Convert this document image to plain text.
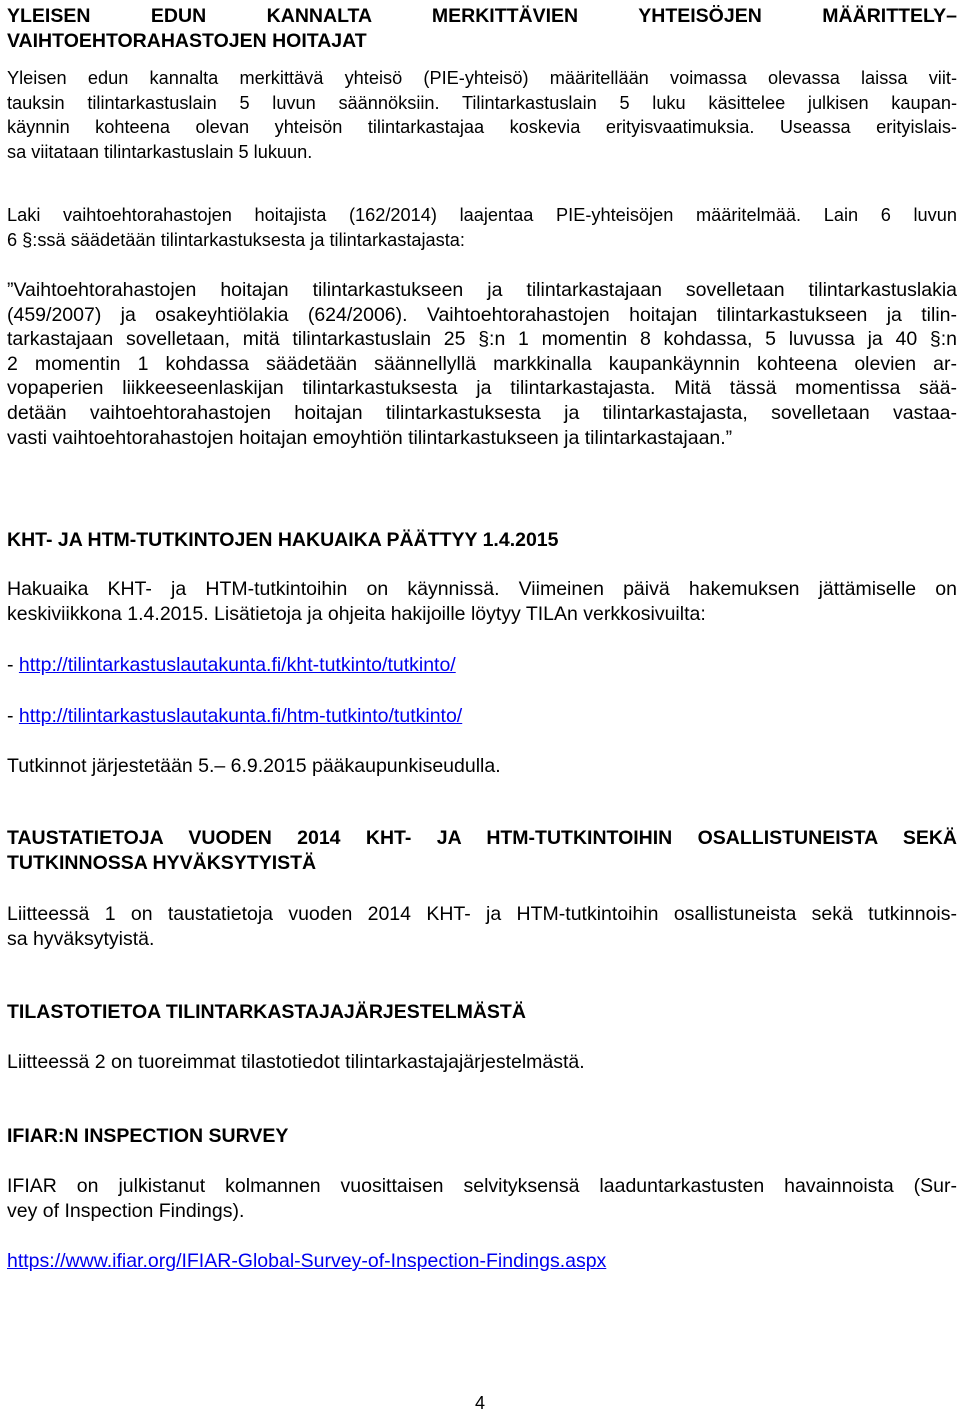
YLEISEN EDUN KANNALTA MERKITTÄVIEN YHTEISÖJEN MÄÄRITTELY–
VAIHTOEHTORAHASTOJEN HOITAJAT
Yleisen edun kannalta merkittävä yhteisö (PIE-yhteisö) määritellään voimassa olevassa laissa viit-
tauksin tilintarkastuslain 5 luvun säännöksiin. Tilintarkastuslain 5 luku käsittelee julkisen kaupan-
käynnin kohteena olevan yhteisön tilintarkastajaa koskevia erityisvaatimuksia. Useassa erityislais-
sa viitataan tilintarkastuslain 5 lukuun.
Laki vaihtoehtorahastojen hoitajista (162/2014) laajentaa PIE-yhteisöjen määritelmää. Lain 6 luvun
6 §:ssä säädetään tilintarkastuksesta ja tilintarkastajasta:
”Vaihtoehtorahastojen hoitajan tilintarkastukseen ja tilintarkastajaan sovelletaan tilintarkastuslakia
(459/2007) ja osakeyhtiölakia (624/2006). Vaihtoehtorahastojen hoitajan tilintarkastukseen ja tilin-
tarkastajaan sovelletaan, mitä tilintarkastuslain 25 §:n 1 momentin 8 kohdassa, 5 luvussa ja 40 §:n
2 momentin 1 kohdassa säädetään säännellyllä markkinalla kaupankäynnin kohteena olevien ar-
vopaperien liikkeeseenlaskijan tilintarkastuksesta ja tilintarkastajasta. Mitä tässä momentissa sää-
detään vaihtoehtorahastojen hoitajan tilintarkastuksesta ja tilintarkastajasta, sovelletaan vastaa-
vasti vaihtoehtorahastojen hoitajan emoyhtiön tilintarkastukseen ja tilintarkastajaan.”
KHT- JA HTM-TUTKINTOJEN HAKUAIKA PÄÄTTYY 1.4.2015
Hakuaika KHT- ja HTM-tutkintoihin on käynnissä. Viimeinen päivä hakemuksen jättämiselle on
keskiviikkona 1.4.2015. Lisätietoja ja ohjeita hakijoille löytyy TILAn verkkosivuilta:
- http://tilintarkastuslautakunta.fi/kht-tutkinto/tutkinto/
- http://tilintarkastuslautakunta.fi/htm-tutkinto/tutkinto/
Tutkinnot järjestetään 5.– 6.9.2015 pääkaupunkiseudulla.
TAUSTATIETOJA VUODEN 2014 KHT- JA HTM-TUTKINTOIHIN OSALLISTUNEISTA SEKÄ
TUTKINNOSSA HYVÄKSYTYISTÄ
Liitteessä 1 on taustatietoja vuoden 2014 KHT- ja HTM-tutkintoihin osallistuneista sekä tutkinnois-
sa hyväksytyistä.
TILASTOTIETOA TILINTARKASTAJAJÄRJESTELMÄSTÄ
Liitteessä 2 on tuoreimmat tilastotiedot tilintarkastajajärjestelmästä.
IFIAR:N INSPECTION SURVEY
IFIAR on julkistanut kolmannen vuosittaisen selvityksensä laaduntarkastusten havainnoista (Sur-
vey of Inspection Findings).
https://www.ifiar.org/IFIAR-Global-Survey-of-Inspection-Findings.aspx
4
